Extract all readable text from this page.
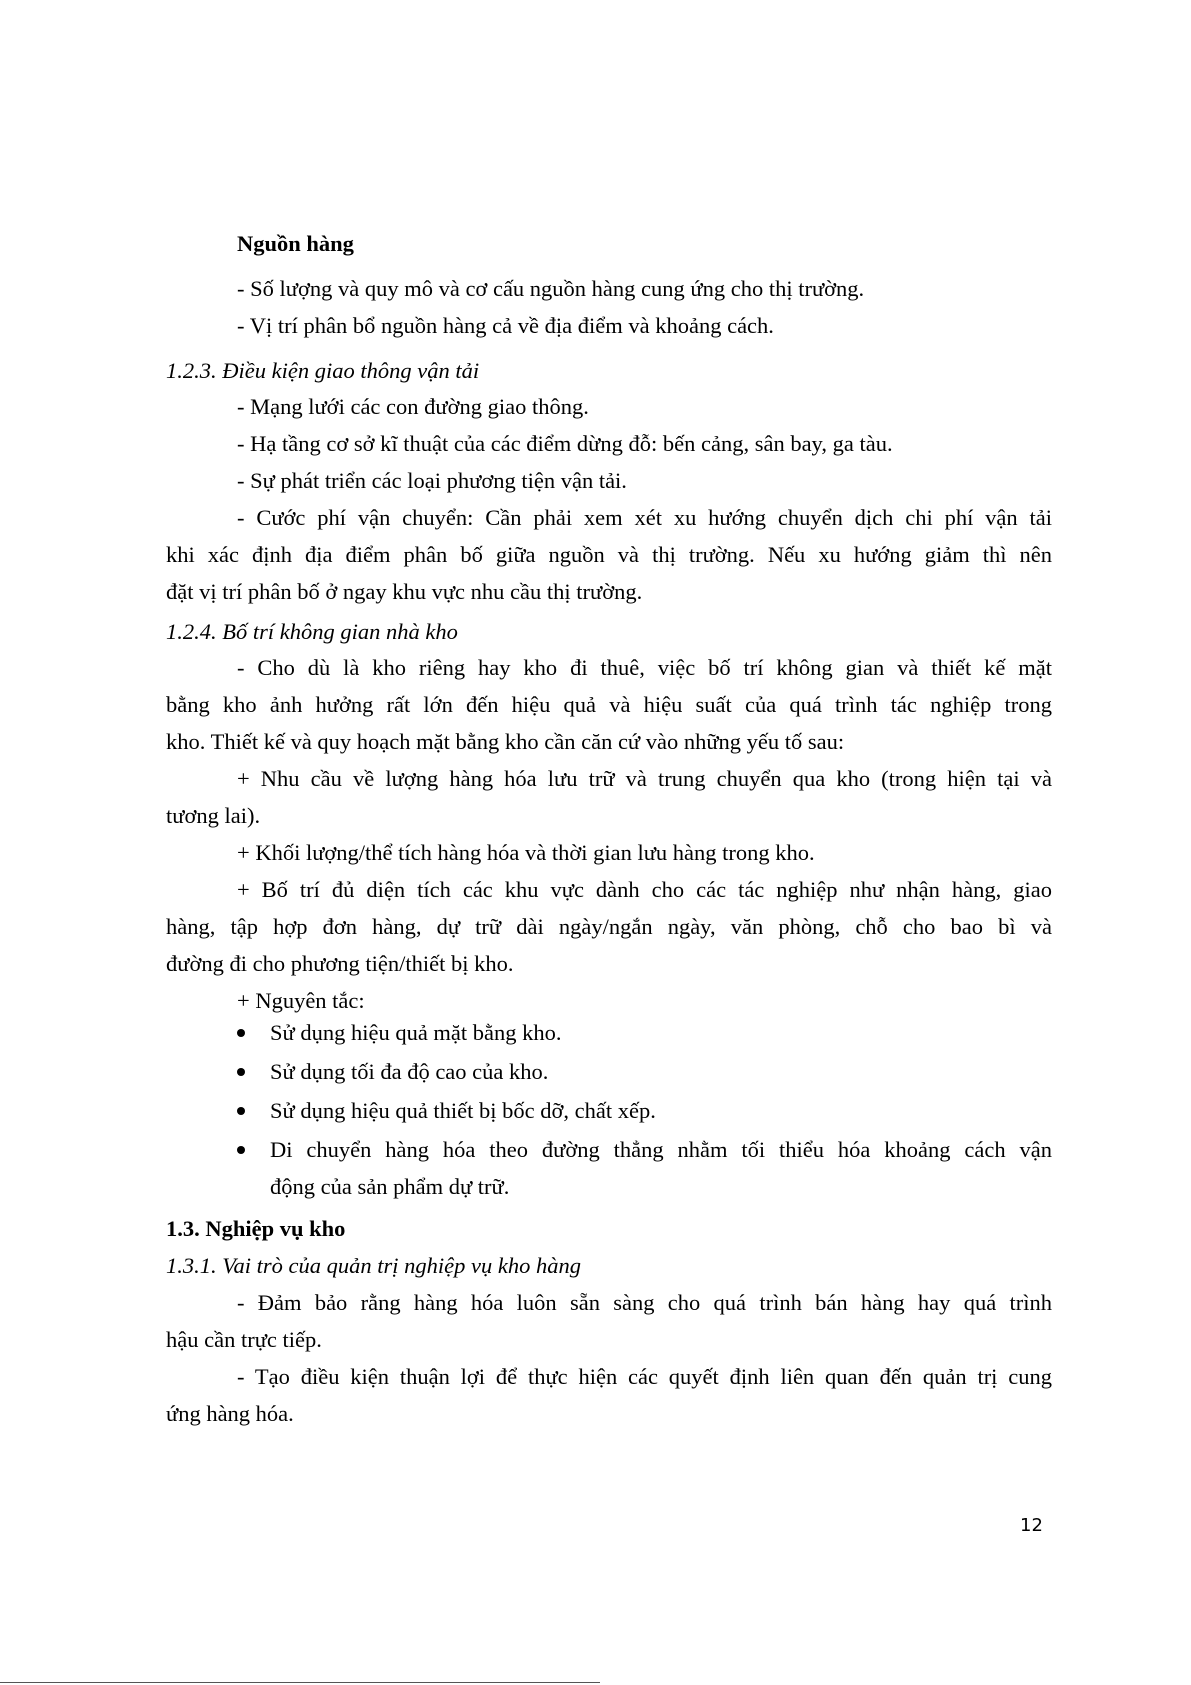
Nguồn hàng
- Số lượng và quy mô và cơ cấu nguồn hàng cung ứng cho thị trường.
- Vị trí phân bổ nguồn hàng cả về địa điểm và khoảng cách.
1.2.3. Điều kiện giao thông vận tải
- Mạng lưới các con đường giao thông.
- Hạ tầng cơ sở kĩ thuật của các điểm dừng đỗ: bến cảng, sân bay, ga tàu.
- Sự phát triển các loại phương tiện vận tải.
- Cước phí vận chuyển: Cần phải xem xét xu hướng chuyển dịch chi phí vận tải
khi xác định địa điểm phân bố giữa nguồn và thị trường. Nếu xu hướng giảm thì nên
đặt vị trí phân bố ở ngay khu vực nhu cầu thị trường.
1.2.4. Bố trí không gian nhà kho
- Cho dù là kho riêng hay kho đi thuê, việc bố trí không gian và thiết kế mặt
bằng kho ảnh hưởng rất lớn đến hiệu quả và hiệu suất của quá trình tác nghiệp trong
kho. Thiết kế và quy hoạch mặt bằng kho cần căn cứ vào những yếu tố sau:
+ Nhu cầu về lượng hàng hóa lưu trữ và trung chuyển qua kho (trong hiện tại và
tương lai).
+ Khối lượng/thể tích hàng hóa và thời gian lưu hàng trong kho.
+ Bố trí đủ diện tích các khu vực dành cho các tác nghiệp như nhận hàng, giao
hàng, tập hợp đơn hàng, dự trữ dài ngày/ngắn ngày, văn phòng, chỗ cho bao bì và
đường đi cho phương tiện/thiết bị kho.
+ Nguyên tắc:
Sử dụng hiệu quả mặt bằng kho.
Sử dụng tối đa độ cao của kho.
Sử dụng hiệu quả thiết bị bốc dỡ, chất xếp.
Di chuyển hàng hóa theo đường thẳng nhằm tối thiểu hóa khoảng cách vận
động của sản phẩm dự trữ.
1.3. Nghiệp vụ kho
1.3.1. Vai trò của quản trị nghiệp vụ kho hàng
- Đảm bảo rằng hàng hóa luôn sẵn sàng cho quá trình bán hàng hay quá trình
hậu cần trực tiếp.
- Tạo điều kiện thuận lợi để thực hiện các quyết định liên quan đến quản trị cung
ứng hàng hóa.
12
